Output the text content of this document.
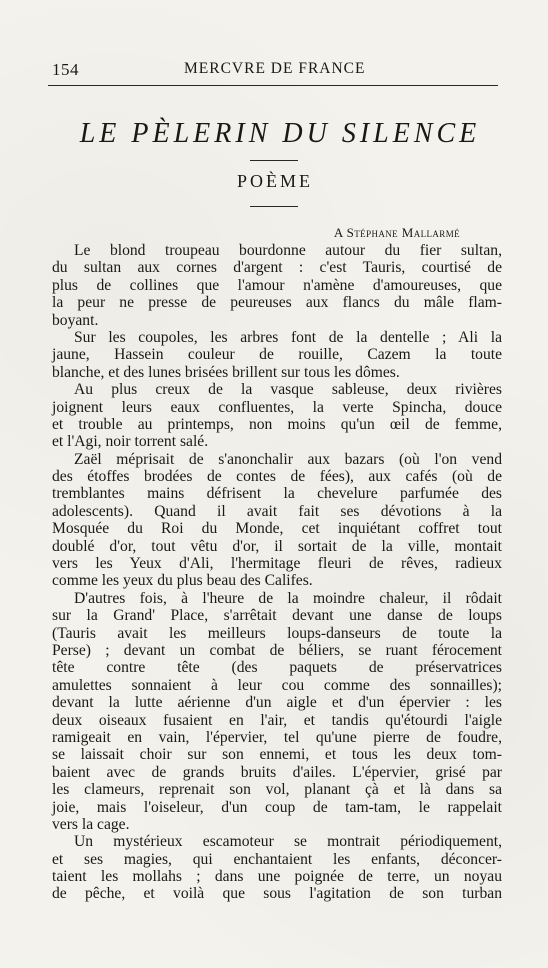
154	MERCVRE DE FRANCE
LE PÈLERIN DU SILENCE
POÈME
A Stéphane Mallarmé
Le blond troupeau bourdonne autour du fier sultan,
du sultan aux cornes d'argent : c'est Tauris, courtisé de
plus de collines que l'amour n'amène d'amoureuses, que
la peur ne presse de peureuses aux flancs du mâle flam-
boyant.
Sur les coupoles, les arbres font de la dentelle ; Ali la
jaune, Hassein couleur de rouille, Cazem la toute
blanche, et des lunes brisées brillent sur tous les dômes.
Au plus creux de la vasque sableuse, deux rivières
joignent leurs eaux confluentes, la verte Spincha, douce
et trouble au printemps, non moins qu'un œil de femme,
et l'Agi, noir torrent salé.
Zaël méprisait de s'anonchalir aux bazars (où l'on vend
des étoffes brodées de contes de fées), aux cafés (où de
tremblantes mains défrisent la chevelure parfumée des
adolescents). Quand il avait fait ses dévotions à la
Mosquée du Roi du Monde, cet inquiétant coffret tout
doublé d'or, tout vêtu d'or, il sortait de la ville, montait
vers les Yeux d'Ali, l'hermitage fleuri de rêves, radieux
comme les yeux du plus beau des Califes.
D'autres fois, à l'heure de la moindre chaleur, il rôdait
sur la Grand' Place, s'arrêtait devant une danse de loups
(Tauris avait les meilleurs loups-danseurs de toute la
Perse) ; devant un combat de béliers, se ruant férocement
tête contre tête (des paquets de préservatrices
amulettes sonnaient à leur cou comme des sonnailles);
devant la lutte aérienne d'un aigle et d'un épervier : les
deux oiseaux fusaient en l'air, et tandis qu'étourdi l'aigle
ramigeait en vain, l'épervier, tel qu'une pierre de foudre,
se laissait choir sur son ennemi, et tous les deux tom-
baient avec de grands bruits d'ailes. L'épervier, grisé par
les clameurs, reprenait son vol, planant çà et là dans sa
joie, mais l'oiseleur, d'un coup de tam-tam, le rappelait
vers la cage.
Un mystérieux escamoteur se montrait périodiquement,
et ses magies, qui enchantaient les enfants, déconcer-
taient les mollahs ; dans une poignée de terre, un noyau
de pêche, et voilà que sous l'agitation de son turban
